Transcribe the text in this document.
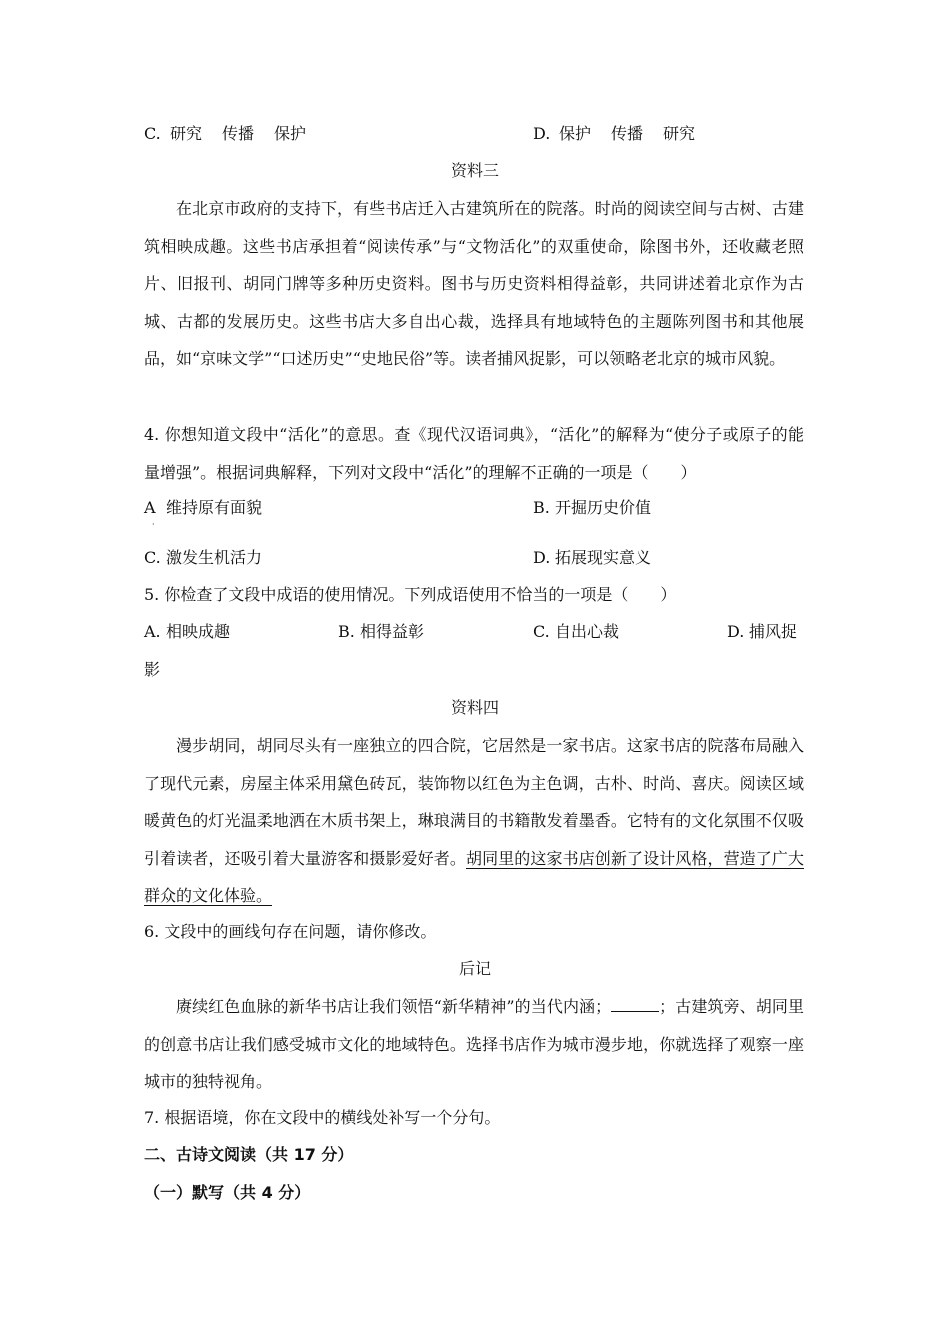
C. 研究 传播 保护	D. 保护 传播 研究
资料三

在北京市政府的支持下，有些书店迁入古建筑所在的院落。时尚的阅读空间与古树、古建筑相映成趣。这些书店承担着“阅读传承”与“文物活化”的双重使命，除图书外，还收藏老照片、旧报刊、胡同门牌等多种历史资料。图书与历史资料相得益彰，共同讲述着北京作为古城、古都的发展历史。这些书店大多自出心裁，选择具有地域特色的主题陈列图书和其他展品，如“京味文学”“口述历史”“史地民俗”等。读者捕风捉影，可以领略老北京的城市风貌。

4. 你想知道文段中“活化”的意思。查《现代汉语词典》，“活化”的解释为“使分子或原子的能量增强”。根据词典解释，下列对文段中“活化”的理解不正确的一项是（　　）

A 维持原有面貌
·
B. 开掘历史价值
C. 激发生机活力	D. 拓展现实意义
5. 你检查了文段中成语的使用情况。下列成语使用不恰当的一项是（　　）
A. 相映成趣	B. 相得益彰	C. 自出心裁	D. 捕风捉
影
资料四

漫步胡同，胡同尽头有一座独立的四合院，它居然是一家书店。这家书店的院落布局融入了现代元素，房屋主体采用黛色砖瓦，装饰物以红色为主色调，古朴、时尚、喜庆。阅读区域暖黄色的灯光温柔地洒在木质书架上，琳琅满目的书籍散发着墨香。它特有的文化氛围不仅吸引着读者，还吸引着大量游客和摄影爱好者。胡同里的这家书店创新了设计风格，营造了广大群众的文化体验。

6. 文段中的画线句存在问题，请你修改。
后记

赓续红色血脉的新华书店让我们领悟“新华精神”的当代内涵；	；古建筑旁、胡同里的创意书店让我们感受城市文化的地域特色。选择书店作为城市漫步地，你就选择了观察一座城市的独特视角。

7. 根据语境，你在文段中的横线处补写一个分句。
二、古诗文阅读（共 17 分）
（一）默写（共 4 分）
